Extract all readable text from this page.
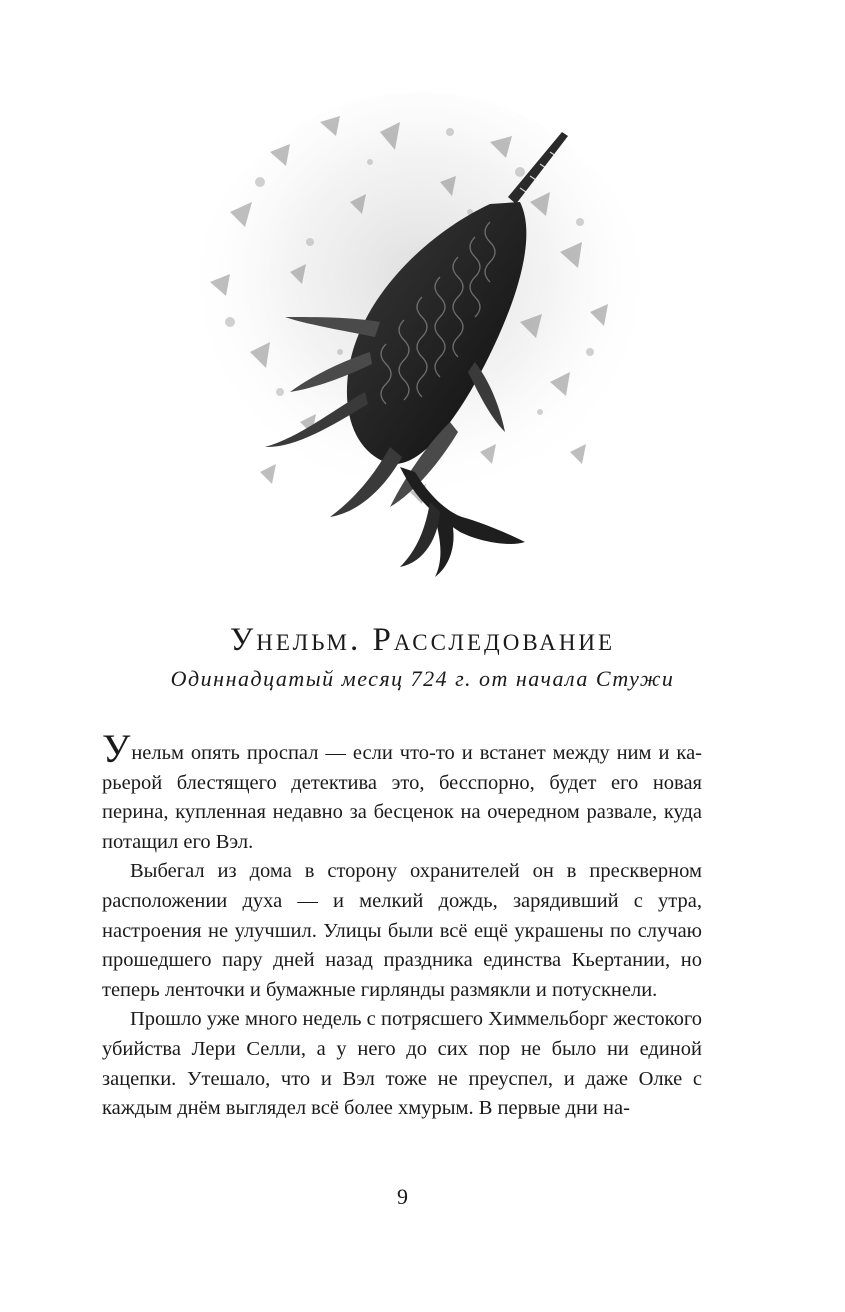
Унельм. Расследование
Одиннадцатый месяц 724 г. от начала Стужи

Унельм опять проспал — если что-то и встанет между ним и карьерой блестящего детектива это, бесспорно, будет его новая перина, купленная недавно за бесценок на очередном развале, куда потащил его Вэл.

Выбегал из дома в сторону охранителей он в прескверном расположении духа — и мелкий дождь, зарядивший с утра, настроения не улучшил. Улицы были всё ещё украшены по случаю прошедшего пару дней назад праздника единства Кьертании, но теперь ленточки и бумажные гирлянды размякли и потускнели.

Прошло уже много недель с потрясшего Химмельборг жестокого убийства Лери Селли, а у него до сих пор не было ни единой зацепки. Утешало, что и Вэл тоже не преуспел, и даже Олке с каждым днём выглядел всё более хмурым. В первые дни на-

9
